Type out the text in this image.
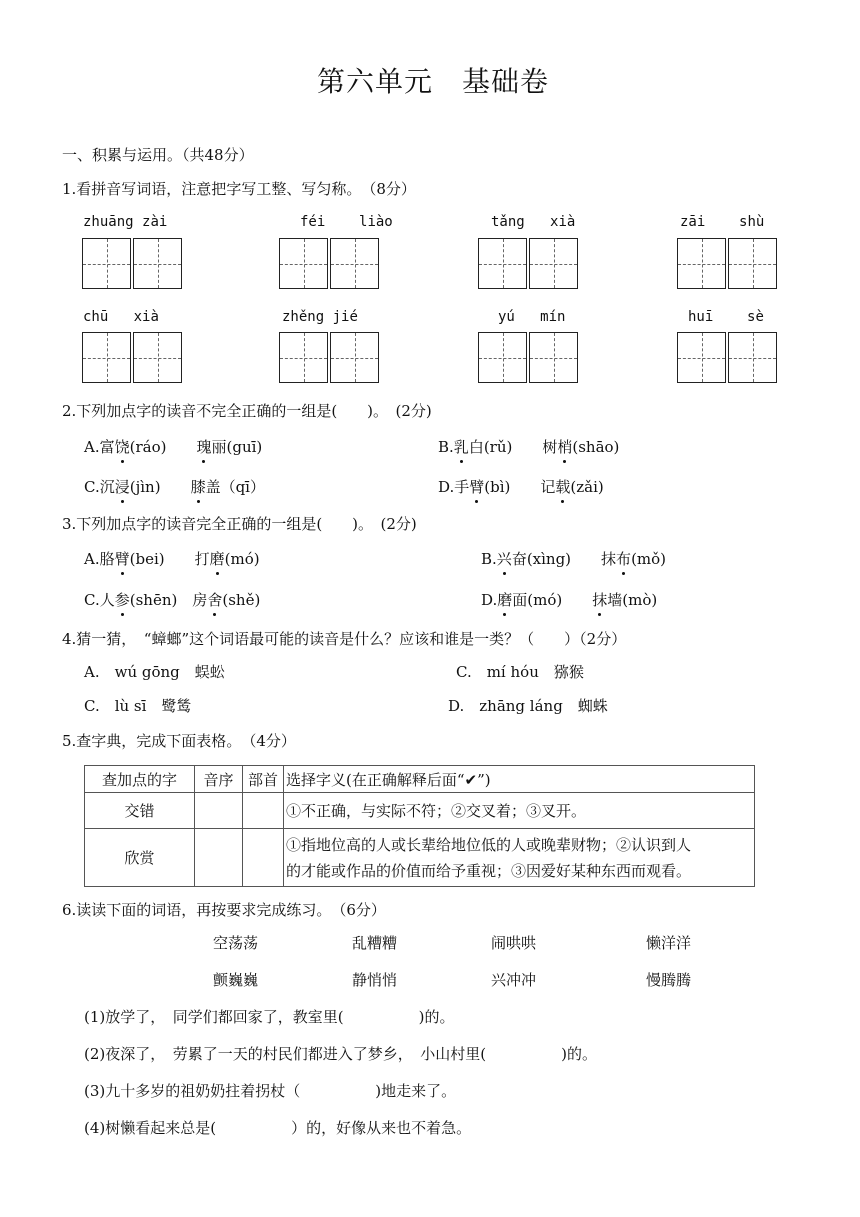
第六单元　基础卷
一、积累与运用。（共48分）
1.看拼音写词语，注意把字写工整、写匀称。　（8分）
zhuāng zài	féi liào	tǎng xià	zāi shù
chū xià	zhěng jié	yú mín	huī sè
2.下列加点字的读音不完全正确的一组是(　　)。　(2分)
A.富饶(ráo)　　瑰丽(guī)	B.乳白(rǔ)　　树梢(shāo)
C.沉浸(jìn)　　膝盖（qī）	D.手臂(bì)　　记载(zǎi)
3.下列加点字的读音完全正确的一组是(　　)。　(2分)
A.胳臂(bei)　　打磨(mó)	B.兴奋(xìng)　　抹布(mǒ)
C.人参(shēn)　房舍(shě)	D.磨面(mó)　　抹墙(mò)
4.猜一猜，　“蟑螂”这个词语最可能的读音是什么？应该和谁是一类？（　　）（2分）
A.　wú gōng　蜈蚣	C.　mí hóu　猕猴
C.　lù sī　鹭鸶	D.　zhāng láng　蜘蛛
5.查字典，完成下面表格。　（4分）
查加点的字	音序	部首	选择字义(在正确解释后面“✔”)
交错			①不正确，与实际不符；②交叉着；③叉开。
欣赏			①指地位高的人或长辈给地位低的人或晚辈财物；②认识到人
的才能或作品的价值而给予重视；③因爱好某种东西而观看。
6.读读下面的词语，再按要求完成练习。　（6分）
空荡荡	乱糟糟	闹哄哄	懒洋洋
颤巍巍	静悄悄	兴冲冲	慢腾腾
(1)放学了，　同学们都回家了，教室里(　　　　　)的。
(2)夜深了，　劳累了一天的村民们都进入了梦乡，　小山村里(　　　　　)的。
(3)九十多岁的祖奶奶拄着拐杖（　　　　　)地走来了。
(4)树懒看起来总是(　　　　　）的，好像从来也不着急。
